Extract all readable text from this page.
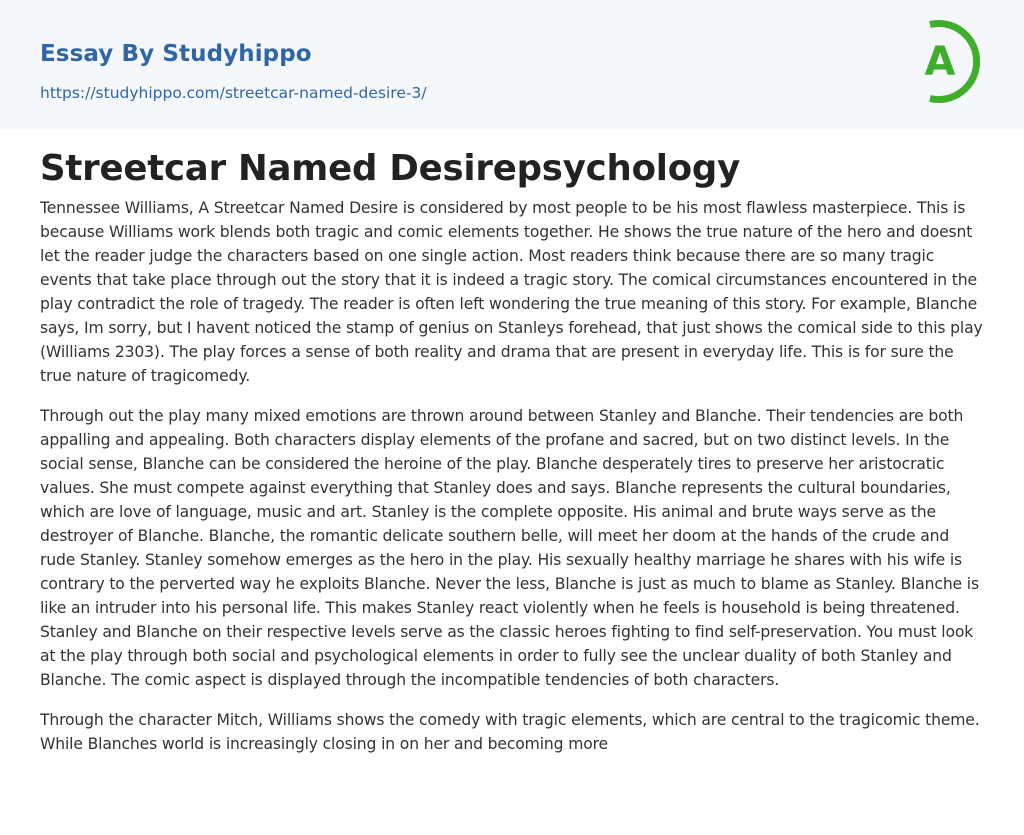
Essay By Studyhippo
https://studyhippo.com/streetcar-named-desire-3/
A
Streetcar Named Desirepsychology

Tennessee Williams, A Streetcar Named Desire is considered by most people to be his most flawless masterpiece. This is because Williams work blends both tragic and comic elements together. He shows the true nature of the hero and doesnt let the reader judge the characters based on one single action. Most readers think because there are so many tragic events that take place through out the story that it is indeed a tragic story. The comical circumstances encountered in the play contradict the role of tragedy. The reader is often left wondering the true meaning of this story. For example, Blanche says, Im sorry, but I havent noticed the stamp of genius on Stanleys forehead, that just shows the comical side to this play (Williams 2303). The play forces a sense of both reality and drama that are present in everyday life. This is for sure the true nature of tragicomedy.

Through out the play many mixed emotions are thrown around between Stanley and Blanche. Their tendencies are both appalling and appealing. Both characters display elements of the profane and sacred, but on two distinct levels. In the social sense, Blanche can be considered the heroine of the play. Blanche desperately tires to preserve her aristocratic values. She must compete against everything that Stanley does and says. Blanche represents the cultural boundaries, which are love of language, music and art. Stanley is the complete opposite. His animal and brute ways serve as the destroyer of Blanche. Blanche, the romantic delicate southern belle, will meet her doom at the hands of the crude and rude Stanley. Stanley somehow emerges as the hero in the play. His sexually healthy marriage he shares with his wife is contrary to the perverted way he exploits Blanche. Never the less, Blanche is just as much to blame as Stanley. Blanche is like an intruder into his personal life. This makes Stanley react violently when he feels is household is being threatened. Stanley and Blanche on their respective levels serve as the classic heroes fighting to find self-preservation. You must look at the play through both social and psychological elements in order to fully see the unclear duality of both Stanley and Blanche. The comic aspect is displayed through the incompatible tendencies of both characters.

Through the character Mitch, Williams shows the comedy with tragic elements, which are central to the tragicomic theme. While Blanches world is increasingly closing in on her and becoming more
